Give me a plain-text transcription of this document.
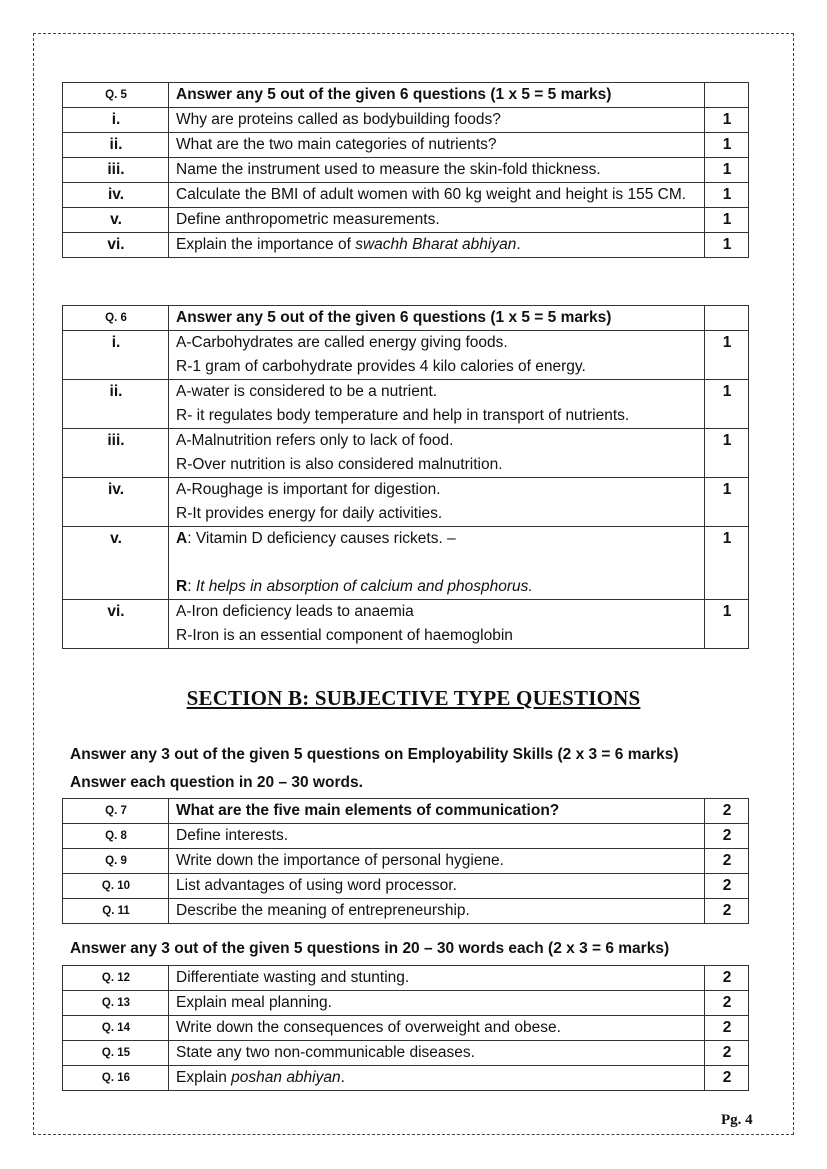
Q. 5	Answer any 5 out of the given 6 questions (1 x 5 = 5 marks)	
i.	Why are proteins called as bodybuilding foods?	1
ii.	What are the two main categories of nutrients?	1
iii.	Name the instrument used to measure the skin-fold thickness.	1
iv.	Calculate the BMI of adult women with 60 kg weight and height is 155 CM.	1
v.	Define anthropometric measurements.	1
vi.	Explain the importance of swachh Bharat abhiyan.	1
Q. 6	Answer any 5 out of the given 6 questions (1 x 5 = 5 marks)	
i.	A-Carbohydrates are called energy giving foods.
R-1 gram of carbohydrate provides 4 kilo calories of energy.	1
ii.	A-water is considered to be a nutrient.
R- it regulates body temperature and help in transport of nutrients.	1
iii.	A-Malnutrition refers only to lack of food.
R-Over nutrition is also considered malnutrition.	1
iv.	A-Roughage is important for digestion.
R-It provides energy for daily activities.	1
v.	A: Vitamin D deficiency causes rickets. –
R: It helps in absorption of calcium and phosphorus.	1
vi.	A-Iron deficiency leads to anaemia
R-Iron is an essential component of haemoglobin	1
SECTION B: SUBJECTIVE TYPE QUESTIONS
Answer any 3 out of the given 5 questions on Employability Skills (2 x 3 = 6 marks)
Answer each question in 20 – 30 words.
Q. 7	What are the five main elements of communication?	2
Q. 8	Define interests.	2
Q. 9	Write down the importance of personal hygiene.	2
Q. 10	List advantages of using word processor.	2
Q. 11	Describe the meaning of entrepreneurship.	2
Answer any 3 out of the given 5 questions in 20 – 30 words each (2 x 3 = 6 marks)
Q. 12	Differentiate wasting and stunting.	2
Q. 13	Explain meal planning.	2
Q. 14	Write down the consequences of overweight and obese.	2
Q. 15	State any two non-communicable diseases.	2
Q. 16	Explain poshan abhiyan.	2
Pg. 4
